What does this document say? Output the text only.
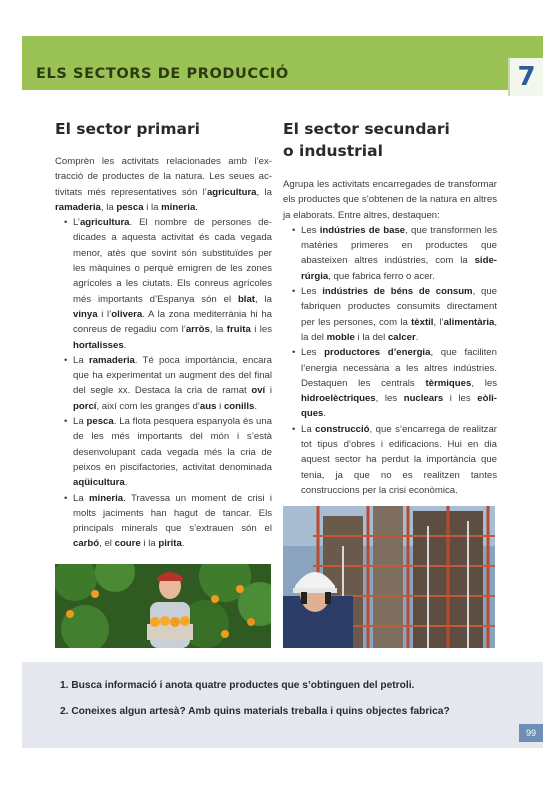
ELS SECTORS DE PRODUCCIÓ	7
El sector primari

Comprèn les activitats relacionades amb l’extracció de productes de la natura. Les seues activitats més representatives són l’agricultura, la ramaderia, la pesca i la mineria.

• L’agricultura. El nombre de persones dedicades a aquesta activitat és cada vegada menor, atès que sovint són substituïdes per les màquines o perquè emigren de les zones agrícoles a les ciutats. Els conreus agrícoles més importants d’Espanya són el blat, la vinya i l’olivera. A la zona mediterrània hi ha conreus de regadiu com l’arròs, la fruita i les hortalisses.
• La ramaderia. Té poca importància, encara que ha experimentat un augment des del final del segle xx. Destaca la cria de ramat oví i porcí, així com les granges d’aus i conills.
• La pesca. La flota pesquera espanyola és una de les més importants del món i s’està desenvolupant cada vegada més la cria de peixos en piscifactories, activitat denominada aqüicultura.
• La mineria. Travessa un moment de crisi i molts jaciments han hagut de tancar. Els principals minerals que s’extrauen són el carbó, el coure i la pirita.
El sector secundari
o industrial

Agrupa les activitats encarregades de transformar els productes que s’obtenen de la natura en altres ja elaborats. Entre altres, destaquen:

• Les indústries de base, que transformen les matèries primeres en productes que abasteixen altres indústries, com la siderúrgia, que fabrica ferro o acer.
• Les indústries de béns de consum, que fabriquen productes consumits directament per les persones, com la tèxtil, l’alimentària, la del moble i la del calcer.
• Les productores d’energia, que faciliten l’energia necessària a les altres indústries. Destaquen les centrals tèrmiques, les hidroelèctriques, les nuclears i les eòliques.
• La construcció, que s’encarrega de realitzar tot tipus d’obres i edificacions. Hui en dia aquest sector ha perdut la importància que tenia, ja que no es realitzen tantes construccions per la crisi econòmica.
1. Busca informació i anota quatre productes que s’obtinguen del petroli.
2. Coneixes algun artesà? Amb quins materials treballa i quins objectes fabrica?
99
